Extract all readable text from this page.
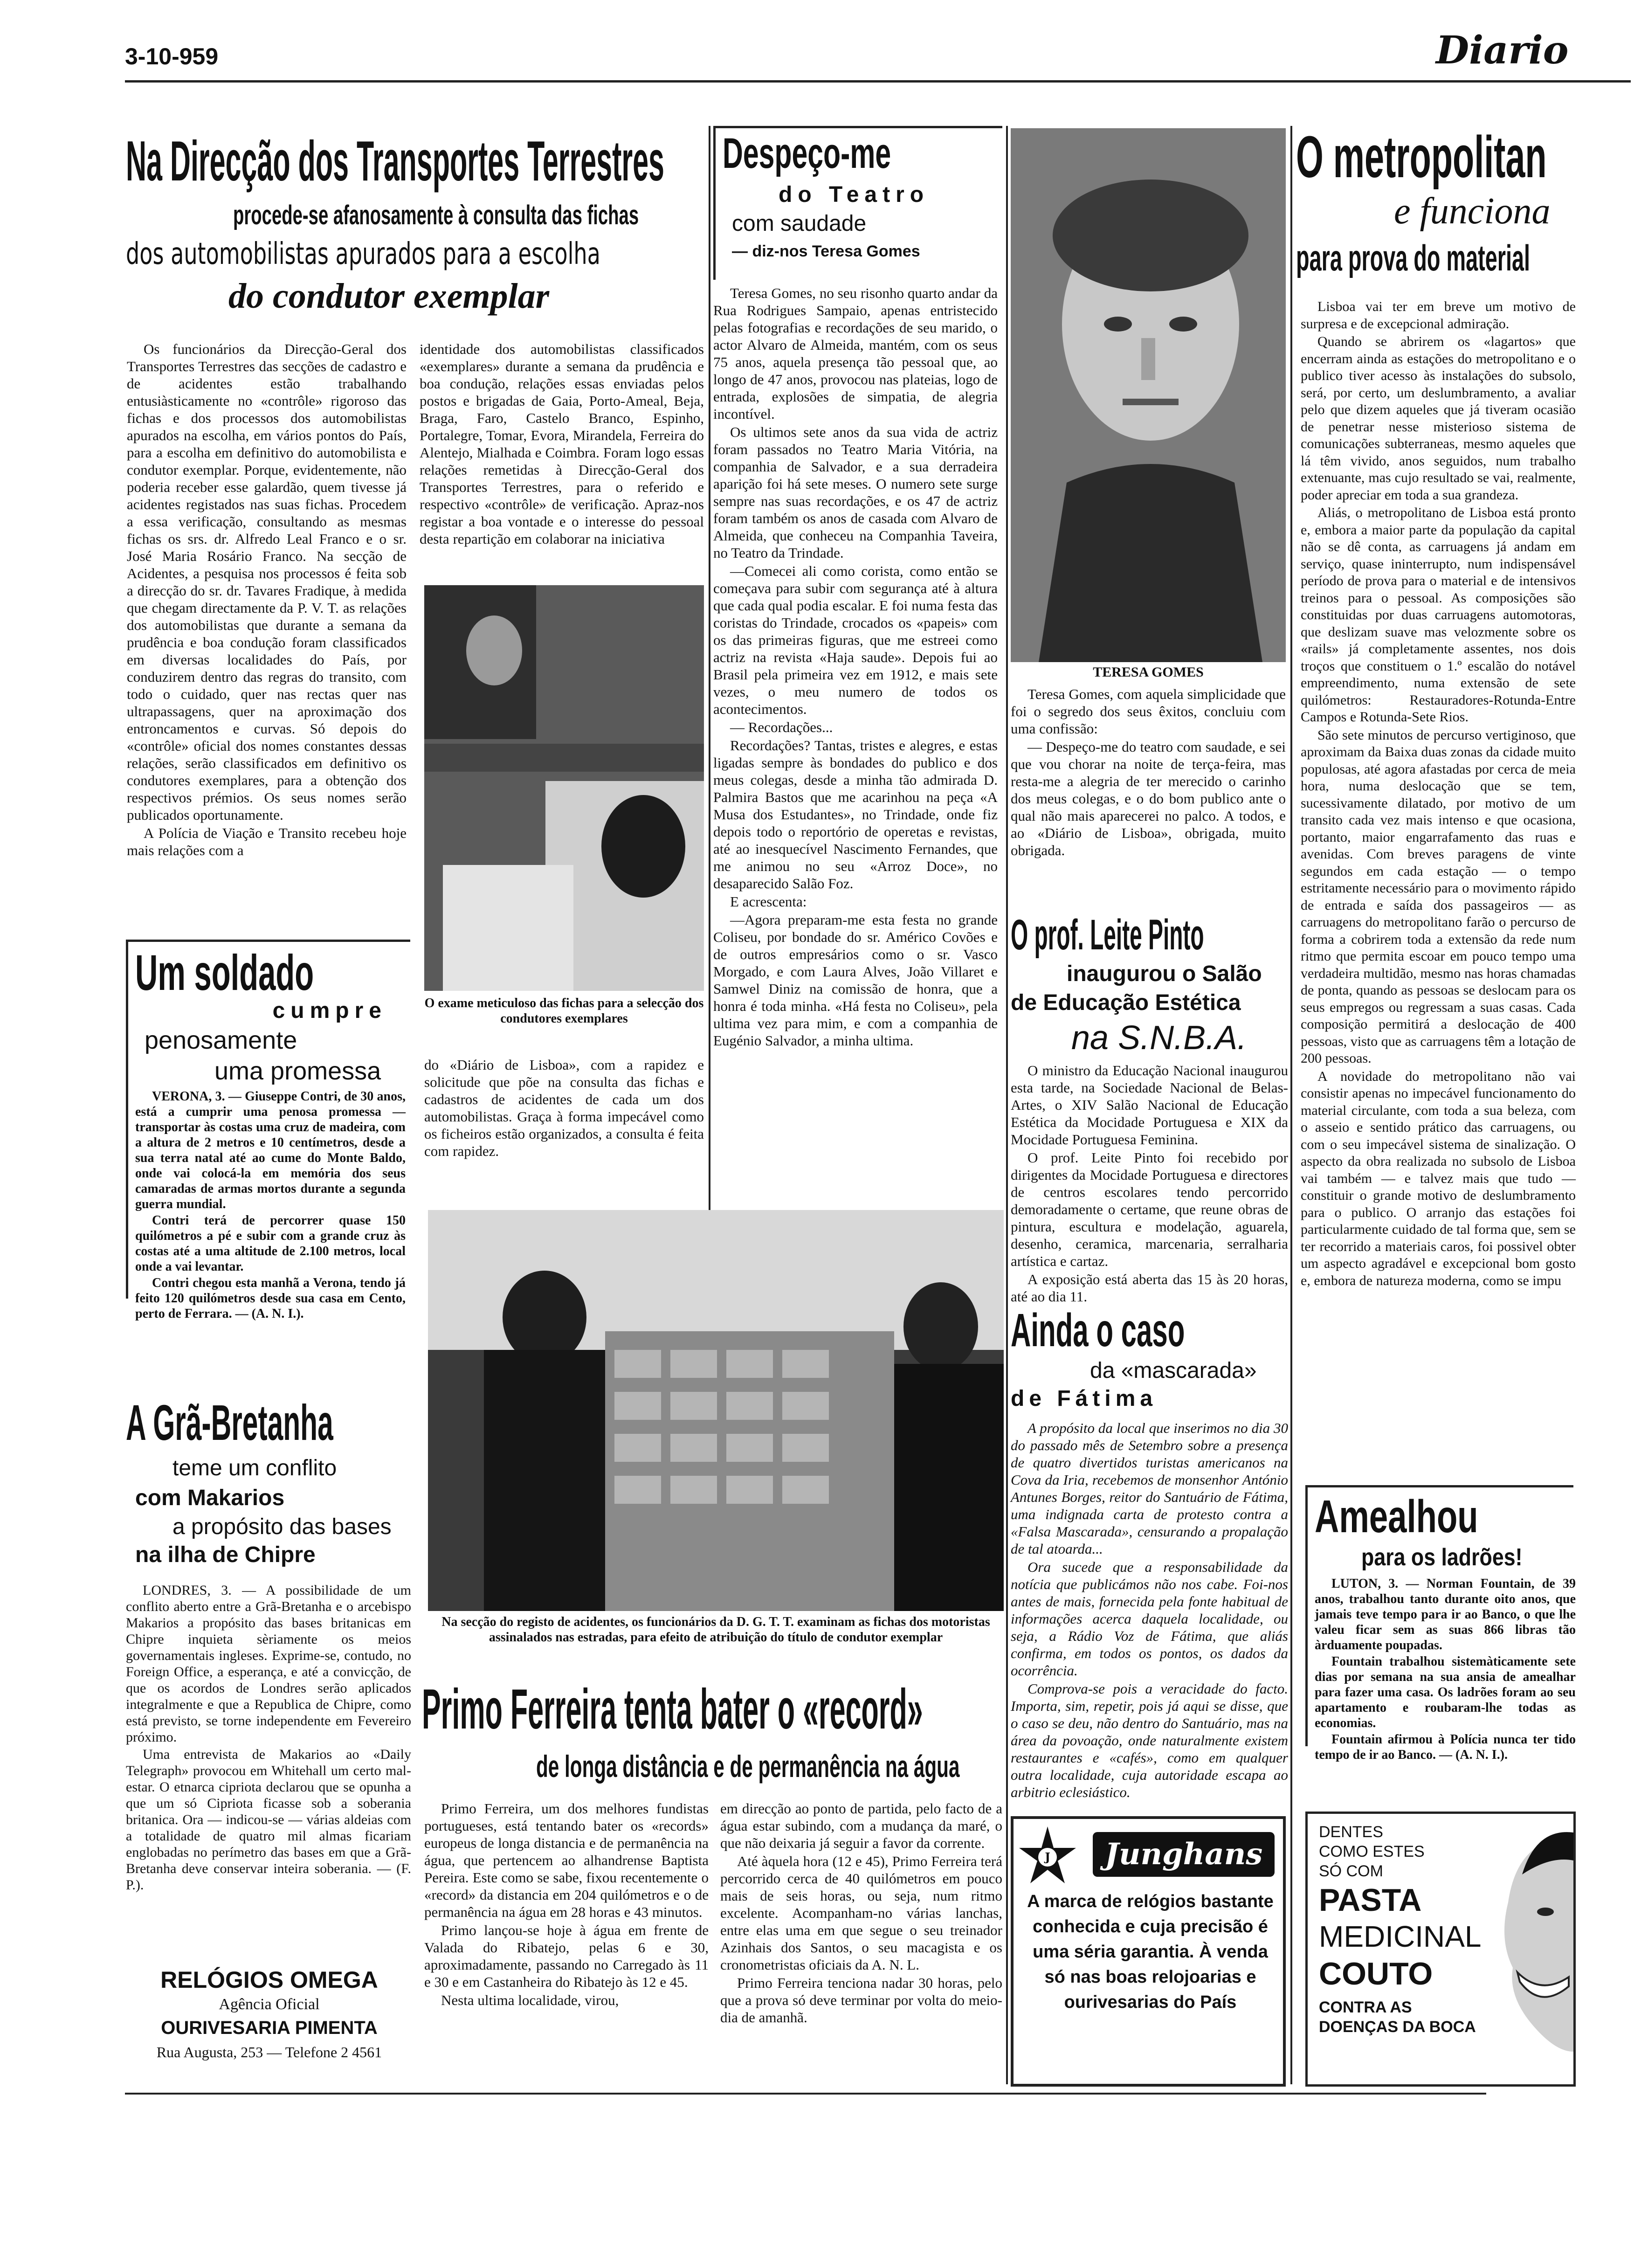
3-10-959	Diario
Na Direcção dos Transportes Terrestres
procede-se afanosamente à consulta das fichas
dos automobilistas apurados para a escolha
do condutor exemplar

Os funcionários da Direcção-Geral dos Transportes Terrestres das secções de cadastro e de acidentes estão trabalhando entusiàsticamente no «contrôle» rigoroso das fichas e dos processos dos automobilistas apurados na escolha, em vários pontos do País, para a escolha em definitivo do automobilista e condutor exemplar. Porque, evidentemente, não poderia receber esse galardão, quem tivesse já acidentes registados nas suas fichas. Procedem a essa verificação, consultando as mesmas fichas os srs. dr. Alfredo Leal Franco e o sr. José Maria Rosário Franco. Na secção de Acidentes, a pesquisa nos processos é feita sob a direcção do sr. dr. Tavares Fradique, à medida que chegam directamente da P. V. T. as relações dos automobilistas que durante a semana da prudência e boa condução foram classificados em diversas localidades do País, por conduzirem dentro das regras do transito, com todo o cuidado, quer nas rectas quer nas ultrapassagens, quer na aproximação dos entroncamentos e curvas. Só depois do «contrôle» oficial dos nomes constantes dessas relações, serão classificados em definitivo os condutores exemplares, para a obtenção dos respectivos prémios. Os seus nomes serão publicados oportunamente.

A Polícia de Viação e Transito recebeu hoje mais relações com a

identidade dos automobilistas classificados «exemplares» durante a semana da prudência e boa condução, relações essas enviadas pelos postos e brigadas de Gaia, Porto-Ameal, Beja, Braga, Faro, Castelo Branco, Espinho, Portalegre, Tomar, Evora, Mirandela, Ferreira do Alentejo, Mialhada e Coimbra. Foram logo essas relações remetidas à Direcção-Geral dos Transportes Terrestres, para o referido e respectivo «contrôle» de verificação. Apraz-nos registar a boa vontade e o interesse do pessoal desta repartição em colaborar na iniciativa

O exame meticuloso das fichas para a selecção dos condutores exemplares

do «Diário de Lisboa», com a rapidez e solicitude que põe na consulta das fichas e cadastros de acidentes de cada um dos automobilistas. Graça à forma impecável como os ficheiros estão organizados, a consulta é feita com rapidez.

Na secção do registo de acidentes, os funcionários da D. G. T. T. examinam as fichas dos motoristas assinalados nas estradas, para efeito de atribuição do título de condutor exemplar
Um soldado
cumpre
penosamente
uma promessa

VERONA, 3. — Giuseppe Contri, de 30 anos, está a cumprir uma penosa promessa — transportar às costas uma cruz de madeira, com a altura de 2 metros e 10 centímetros, desde a sua terra natal até ao cume do Monte Baldo, onde vai colocá-la em memória dos seus camaradas de armas mortos durante a segunda guerra mundial.

Contri terá de percorrer quase 150 quilómetros a pé e subir com a grande cruz às costas até a uma altitude de 2.100 metros, local onde a vai levantar.

Contri chegou esta manhã a Verona, tendo já feito 120 quilómetros desde sua casa em Cento, perto de Ferrara. — (A. N. I.).

A Grã-Bretanha
teme um conflito
com Makarios
a propósito das bases
na ilha de Chipre

LONDRES, 3. — A possibilidade de um conflito aberto entre a Grã-Bretanha e o arcebispo Makarios a propósito das bases britanicas em Chipre inquieta sèriamente os meios governamentais ingleses. Exprime-se, contudo, no Foreign Office, a esperança, e até a convicção, de que os acordos de Londres serão aplicados integralmente e que a Republica de Chipre, como está previsto, se torne independente em Fevereiro próximo.

Uma entrevista de Makarios ao «Daily Telegraph» provocou em Whitehall um certo mal-estar. O etnarca cipriota declarou que se opunha a que um só Cipriota ficasse sob a soberania britanica. Ora — indicou-se — várias aldeias com a totalidade de quatro mil almas ficariam englobadas no perímetro das bases em que a Grã-Bretanha deve conservar inteira soberania. — (F. P.).

RELÓGIOS OMEGA
Agência Oficial
OURIVESARIA PIMENTA
Rua Augusta, 253 — Telefone 2 4561
Despeço-me
do Teatro
com saudade
— diz-nos Teresa Gomes

Teresa Gomes, no seu risonho quarto andar da Rua Rodrigues Sampaio, apenas entristecido pelas fotografias e recordações de seu marido, o actor Alvaro de Almeida, mantém, com os seus 75 anos, aquela presença tão pessoal que, ao longo de 47 anos, provocou nas plateias, logo de entrada, explosões de simpatia, de alegria incontível.

Os ultimos sete anos da sua vida de actriz foram passados no Teatro Maria Vitória, na companhia de Salvador, e a sua derradeira aparição foi há sete meses. O numero sete surge sempre nas suas recordações, e os 47 de actriz foram também os anos de casada com Alvaro de Almeida, que conheceu na Companhia Taveira, no Teatro da Trindade.

—Comecei ali como corista, como então se começava para subir com segurança até à altura que cada qual podia escalar. E foi numa festa das coristas do Trindade, crocados os «papeis» com os das primeiras figuras, que me estreei como actriz na revista «Haja saude». Depois fui ao Brasil pela primeira vez em 1912, e mais sete vezes, o meu numero de todos os acontecimentos.

— Recordações...

Recordações? Tantas, tristes e alegres, e estas ligadas sempre às bondades do publico e dos meus colegas, desde a minha tão admirada D. Palmira Bastos que me acarinhou na peça «A Musa dos Estudantes», no Trindade, onde fiz depois todo o reportório de operetas e revistas, até ao inesquecível Nascimento Fernandes, que me animou no seu «Arroz Doce», no desaparecido Salão Foz.

E acrescenta:

—Agora preparam-me esta festa no grande Coliseu, por bondade do sr. Américo Covões e de outros empresários como o sr. Vasco Morgado, e com Laura Alves, João Villaret e Samwel Diniz na comissão de honra, que a honra é toda minha. «Há festa no Coliseu», pela ultima vez para mim, e com a companhia de Eugénio Salvador, a minha ultima.

TERESA GOMES

Teresa Gomes, com aquela simplicidade que foi o segredo dos seus êxitos, concluiu com uma confissão:

— Despeço-me do teatro com saudade, e sei que vou chorar na noite de terça-feira, mas resta-me a alegria de ter merecido o carinho dos meus colegas, e o do bom publico ante o qual não mais aparecerei no palco. A todos, e ao «Diário de Lisboa», obrigada, muito obrigada.

O prof. Leite Pinto
inaugurou o Salão
de Educação Estética
na S.N.B.A.

O ministro da Educação Nacional inaugurou esta tarde, na Sociedade Nacional de Belas-Artes, o XIV Salão Nacional de Educação Estética da Mocidade Portuguesa e XIX da Mocidade Portuguesa Feminina.

O prof. Leite Pinto foi recebido por dirigentes da Mocidade Portuguesa e directores de centros escolares tendo percorrido demoradamente o certame, que reune obras de pintura, escultura e modelação, aguarela, desenho, ceramica, marcenaria, serralharia artística e cartaz.

A exposição está aberta das 15 às 20 horas, até ao dia 11.

Ainda o caso
da «mascarada»
de Fátima

A propósito da local que inserimos no dia 30 do passado mês de Setembro sobre a presença de quatro divertidos turistas americanos na Cova da Iria, recebemos de monsenhor António Antunes Borges, reitor do Santuário de Fátima, uma indignada carta de protesto contra a «Falsa Mascarada», censurando a propalação de tal atoarda...

Ora sucede que a responsabilidade da notícia que publicámos não nos cabe. Foi-nos antes de mais, fornecida pela fonte habitual de informações acerca daquela localidade, ou seja, a Rádio Voz de Fátima, que aliás confirma, em todos os pontos, os dados da ocorrência.

Comprova-se pois a veracidade do facto. Importa, sim, repetir, pois já aqui se disse, que o caso se deu, não dentro do Santuário, mas na área da povoação, onde naturalmente existem restaurantes e «cafés», como em qualquer outra localidade, cuja autoridade escapa ao arbitrio eclesiástico.

O metropolitan
e funciona
para prova do material

Lisboa vai ter em breve um motivo de surpresa e de excepcional admiração.

Quando se abrirem os «lagartos» que encerram ainda as estações do metropolitano e o publico tiver acesso às instalações do subsolo, será, por certo, um deslumbramento, a avaliar pelo que dizem aqueles que já tiveram ocasião de penetrar nesse misterioso sistema de comunicações subterraneas, mesmo aqueles que lá têm vivido, anos seguidos, num trabalho extenuante, mas cujo resultado se vai, realmente, poder apreciar em toda a sua grandeza.

Aliás, o metropolitano de Lisboa está pronto e, embora a maior parte da população da capital não se dê conta, as carruagens já andam em serviço, quase ininterrupto, num indispensável período de prova para o material e de intensivos treinos para o pessoal. As composições são constituidas por duas carruagens automotoras, que deslizam suave mas velozmente sobre os «rails» já completamente assentes, nos dois troços que constituem o 1.º escalão do notável empreendimento, numa extensão de sete quilómetros: Restauradores-Rotunda-Entre Campos e Rotunda-Sete Rios.

São sete minutos de percurso vertiginoso, que aproximam da Baixa duas zonas da cidade muito populosas, até agora afastadas por cerca de meia hora, numa deslocação que se tem, sucessivamente dilatado, por motivo de um transito cada vez mais intenso e que ocasiona, portanto, maior engarrafamento das ruas e avenidas. Com breves paragens de vinte segundos em cada estação — o tempo estritamente necessário para o movimento rápido de entrada e saída dos passageiros — as carruagens do metropolitano farão o percurso de forma a cobrirem toda a extensão da rede num ritmo que permita escoar em pouco tempo uma verdadeira multidão, mesmo nas horas chamadas de ponta, quando as pessoas se deslocam para os seus empregos ou regressam a suas casas. Cada composição permitirá a deslocação de 400 pessoas, visto que as carruagens têm a lotação de 200 pessoas.

A novidade do metropolitano não vai consistir apenas no impecável funcionamento do material circulante, com toda a sua beleza, com o asseio e sentido prático das carruagens, ou com o seu impecável sistema de sinalização. O aspecto da obra realizada no subsolo de Lisboa vai também — e talvez mais que tudo — constituir o grande motivo de deslumbramento para o publico. O arranjo das estações foi particularmente cuidado de tal forma que, sem se ter recorrido a materiais caros, foi possivel obter um aspecto agradável e excepcional bom gosto e, embora de natureza moderna, como se impu

Amealhou
para os ladrões!

LUTON, 3. — Norman Fountain, de 39 anos, trabalhou tanto durante oito anos, que jamais teve tempo para ir ao Banco, o que lhe valeu ficar sem as suas 866 libras tão àrduamente poupadas.

Fountain trabalhou sistemàticamente sete dias por semana na sua ansia de amealhar para fazer uma casa. Os ladrões foram ao seu apartamento e roubaram-lhe todas as economias.

Fountain afirmou à Polícia nunca ter tido tempo de ir ao Banco. — (A. N. I.).

Primo Ferreira tenta bater o «record»
de longa distância e de permanência na água

Primo Ferreira, um dos melhores fundistas portugueses, está tentando bater os «records» europeus de longa distancia e de permanência na água, que pertencem ao alhandrense Baptista Pereira. Este como se sabe, fixou recentemente o «record» da distancia em 204 quilómetros e o de permanência na água em 28 horas e 43 minutos.

Primo lançou-se hoje à água em frente de Valada do Ribatejo, pelas 6 e 30, aproximadamente, passando no Carregado às 11 e 30 e em Castanheira do Ribatejo às 12 e 45.

Nesta ultima localidade, virou,

em direcção ao ponto de partida, pelo facto de a água estar subindo, com a mudança da maré, o que não deixaria já seguir a favor da corrente.

Até àquela hora (12 e 45), Primo Ferreira terá percorrido cerca de 40 quilómetros em pouco mais de seis horas, ou seja, num ritmo excelente. Acompanham-no várias lanchas, entre elas uma em que segue o seu treinador Azinhais dos Santos, o seu macagista e os cronometristas oficiais da A. N. L.

Primo Ferreira tenciona nadar 30 horas, pelo que a prova só deve terminar por volta do meio-dia de amanhã.

J	Junghans
A marca de relógios bastante conhecida e cuja precisão é uma séria garantia. À venda só nas boas relojoarias e ourivesarias do País
DENTES
COMO ESTES
SÓ COM
PASTA
MEDICINAL
COUTO
CONTRA AS
DOENÇAS DA BOCA
